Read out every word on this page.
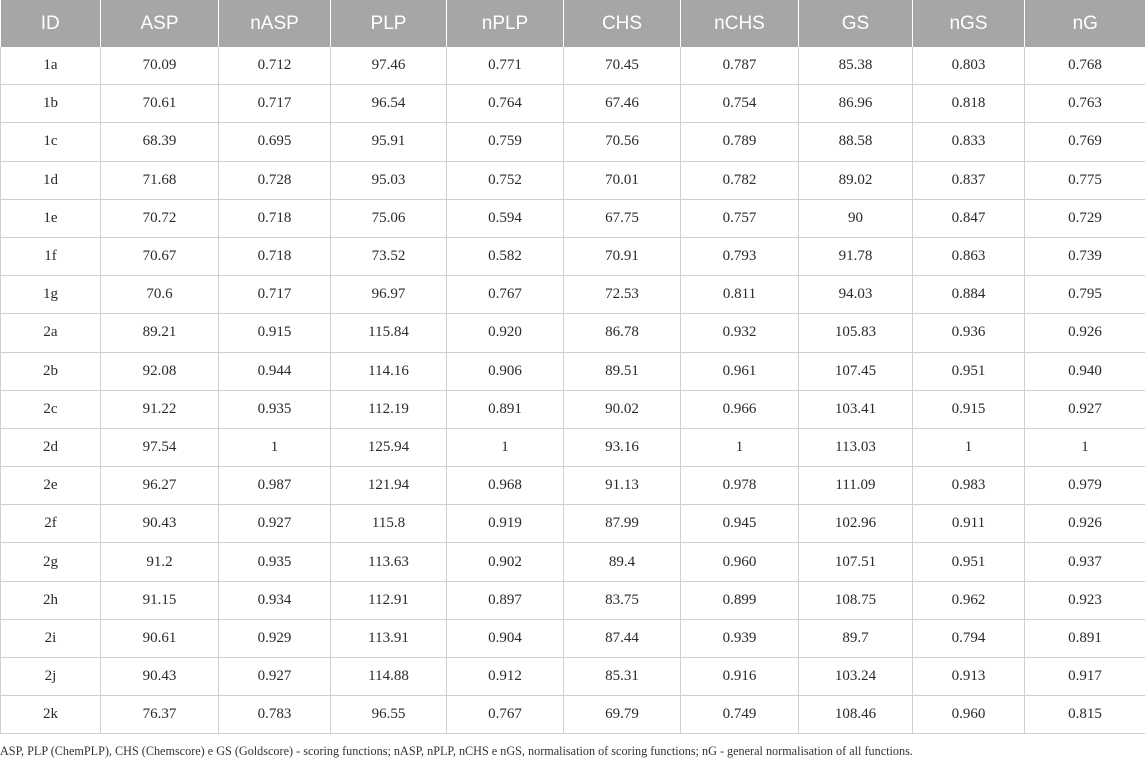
ID	ASP	nASP	PLP	nPLP	CHS	nCHS	GS	nGS	nG
1a	70.09	0.712	97.46	0.771	70.45	0.787	85.38	0.803	0.768
1b	70.61	0.717	96.54	0.764	67.46	0.754	86.96	0.818	0.763
1c	68.39	0.695	95.91	0.759	70.56	0.789	88.58	0.833	0.769
1d	71.68	0.728	95.03	0.752	70.01	0.782	89.02	0.837	0.775
1e	70.72	0.718	75.06	0.594	67.75	0.757	90	0.847	0.729
1f	70.67	0.718	73.52	0.582	70.91	0.793	91.78	0.863	0.739
1g	70.6	0.717	96.97	0.767	72.53	0.811	94.03	0.884	0.795
2a	89.21	0.915	115.84	0.920	86.78	0.932	105.83	0.936	0.926
2b	92.08	0.944	114.16	0.906	89.51	0.961	107.45	0.951	0.940
2c	91.22	0.935	112.19	0.891	90.02	0.966	103.41	0.915	0.927
2d	97.54	1	125.94	1	93.16	1	113.03	1	1
2e	96.27	0.987	121.94	0.968	91.13	0.978	111.09	0.983	0.979
2f	90.43	0.927	115.8	0.919	87.99	0.945	102.96	0.911	0.926
2g	91.2	0.935	113.63	0.902	89.4	0.960	107.51	0.951	0.937
2h	91.15	0.934	112.91	0.897	83.75	0.899	108.75	0.962	0.923
2i	90.61	0.929	113.91	0.904	87.44	0.939	89.7	0.794	0.891
2j	90.43	0.927	114.88	0.912	85.31	0.916	103.24	0.913	0.917
2k	76.37	0.783	96.55	0.767	69.79	0.749	108.46	0.960	0.815
ASP, PLP (ChemPLP), CHS (Chemscore) e GS (Goldscore) - scoring functions; nASP, nPLP, nCHS e nGS, normalisation of scoring functions; nG - general normalisation of all functions.
